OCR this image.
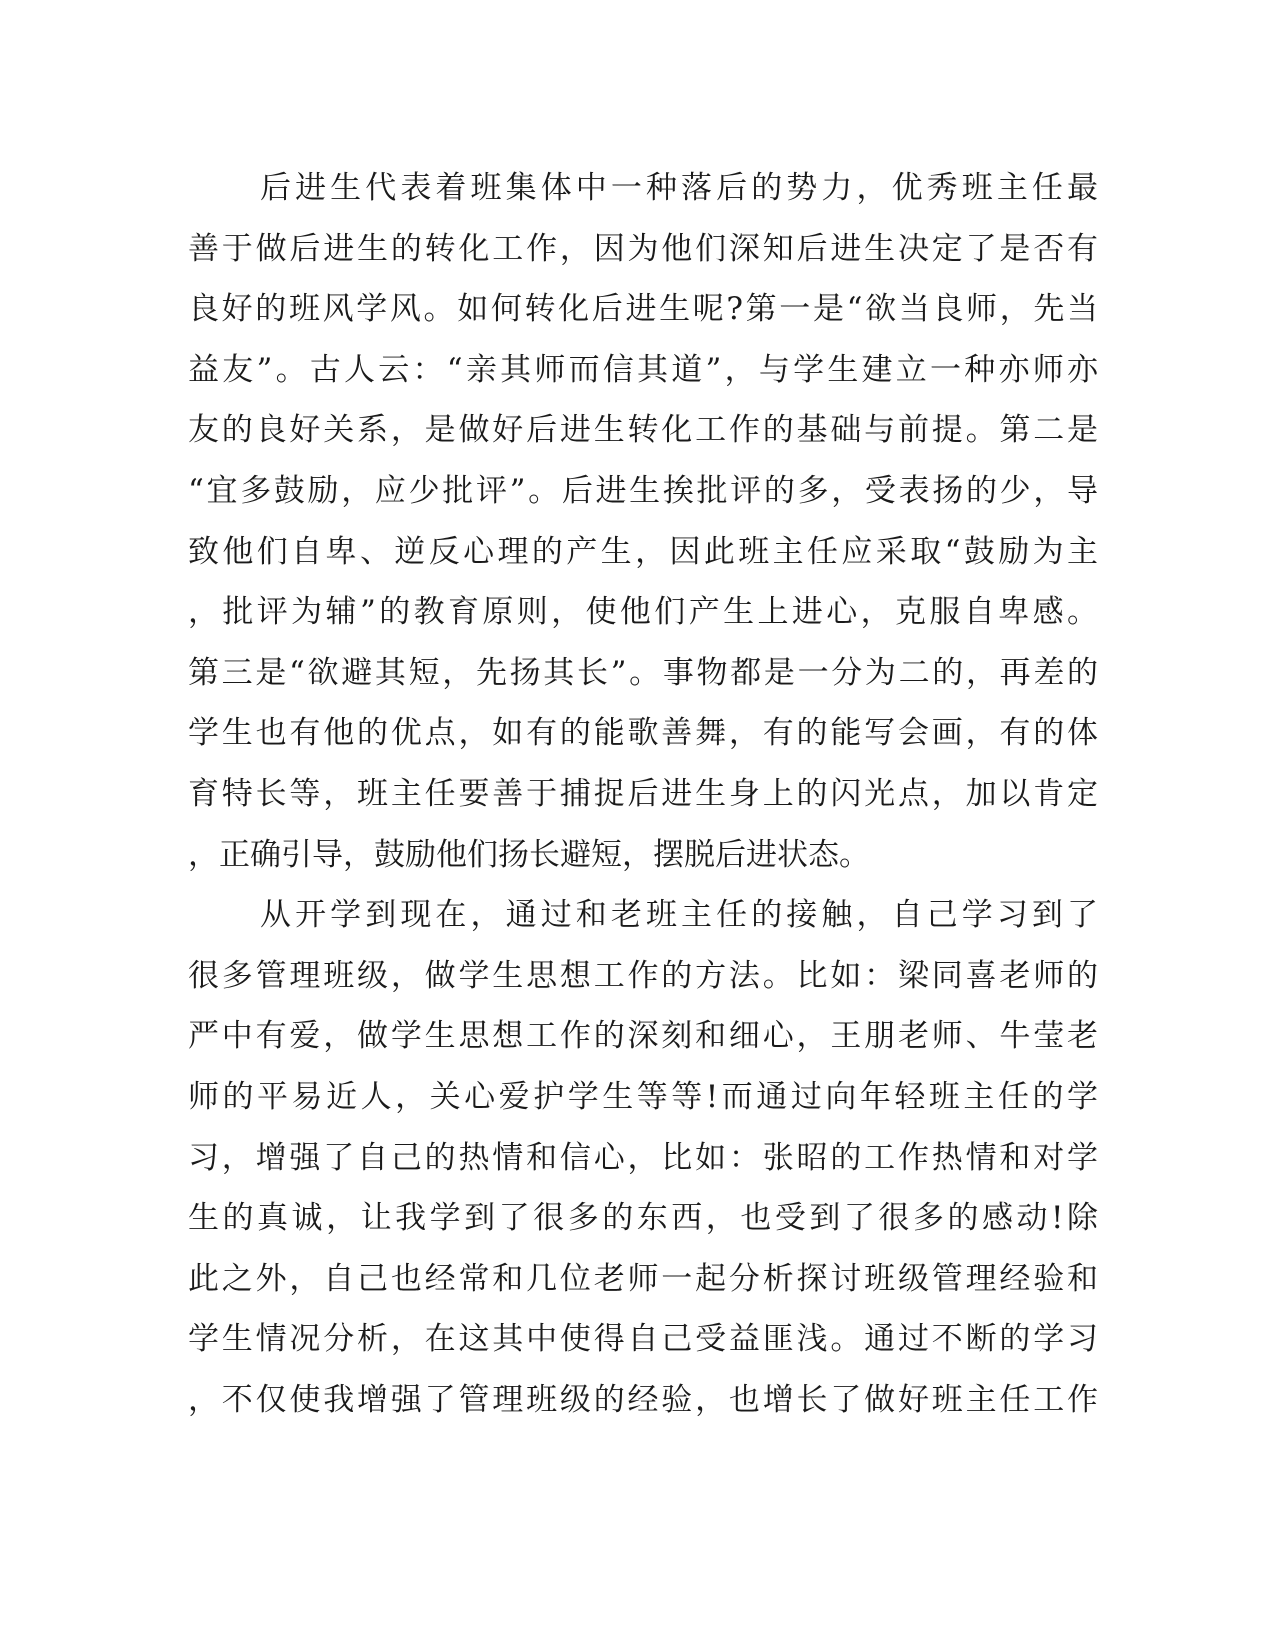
后进生代表着班集体中一种落后的势力，优秀班主任最
善于做后进生的转化工作，因为他们深知后进生决定了是否有
良好的班风学风。如何转化后进生呢?第一是“欲当良师，先当
益友”。古人云：“亲其师而信其道”，与学生建立一种亦师亦
友的良好关系，是做好后进生转化工作的基础与前提。第二是
“宜多鼓励，应少批评”。后进生挨批评的多，受表扬的少，导
致他们自卑、逆反心理的产生，因此班主任应采取“鼓励为主
，批评为辅”的教育原则，使他们产生上进心，克服自卑感。
第三是“欲避其短，先扬其长”。事物都是一分为二的，再差的
学生也有他的优点，如有的能歌善舞，有的能写会画，有的体
育特长等，班主任要善于捕捉后进生身上的闪光点，加以肯定
，正确引导，鼓励他们扬长避短，摆脱后进状态。
从开学到现在，通过和老班主任的接触，自己学习到了
很多管理班级，做学生思想工作的方法。比如：梁同喜老师的
严中有爱，做学生思想工作的深刻和细心，王朋老师、牛莹老
师的平易近人，关心爱护学生等等!而通过向年轻班主任的学
习，增强了自己的热情和信心，比如：张昭的工作热情和对学
生的真诚，让我学到了很多的东西，也受到了很多的感动!除
此之外，自己也经常和几位老师一起分析探讨班级管理经验和
学生情况分析，在这其中使得自己受益匪浅。通过不断的学习
，不仅使我增强了管理班级的经验，也增长了做好班主任工作
